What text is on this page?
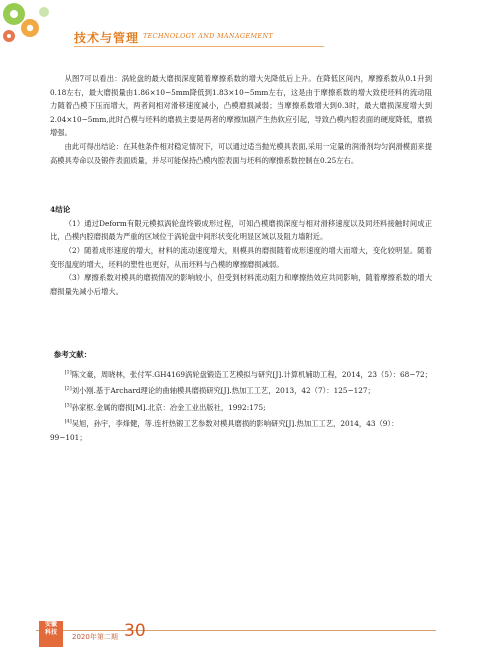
技术与管理 TECHNOLOGY AND MANAGEMENT

从图7可以看出：涡轮盘的最大磨损深度随着摩擦系数的增大先降低后上升。在降低区间内，摩擦系数从0.1升到0.18左右，最大磨损量由1.86×10−5mm降低到1.83×10−5mm左右，这是由于摩擦系数的增大致使坯料的流动阻力随着凸模下压而增大，两者间相对滑移速度减小，凸模磨损减弱；当摩擦系数增大到0.3时，最大磨损深度增大到2.04×10−5mm,此时凸模与坯料的磨损主要是两者的摩擦加剧产生热软应引起，导致凸模内腔表面的硬度降低，磨损增强。

由此可得出结论：在其他条件相对稳定情况下，可以通过适当抛光模具表面,采用一定量的润滑剂均匀润滑模面来提高模具寿命以及锻件表面质量，并尽可能保持凸模内腔表面与坯料的摩擦系数控制在0.25左右。

4结论

（1）通过Deform有限元模拟涡轮盘终锻成形过程，可知凸模磨损深度与相对滑移速度以及同坯料接触时间成正比，凸模内腔磨损最为严重的区域位于涡轮盘中间形状变化明显区域以及阻力墙附近。

（2）随着成形速度的增大，材料的流动速度增大，则模具的磨损随着成形速度的增大而增大，变化较明显。随着变形温度的增大，坯料的塑性也更好，从而坯料与凸模的摩擦磨损减弱。

（3）摩擦系数对模具的磨损情况的影响较小，但受到材料流动阻力和摩擦热效应共同影响，随着摩擦系数的增大磨损量先减小后增大。

参考文献：

[1]陈文豪，周晓林，张付军.GH4169涡轮盘锻造工艺模拟与研究[J].计算机辅助工程，2014，23（5）：68−72；

[2]刘小刚.基于Archard理论的曲轴模具磨损研究[J].热加工工艺，2013，42（7）：125−127；

[3]孙家枢.金属的磨损[M].北京：冶金工业出版社，1992:175;

[4]吴旭，孙宇，李烽健，等.连杆热锻工艺参数对模具磨损的影响研究[J].热加工工艺，2014，43（9）：99−101；

安徽
科技
2020年第二期 30
